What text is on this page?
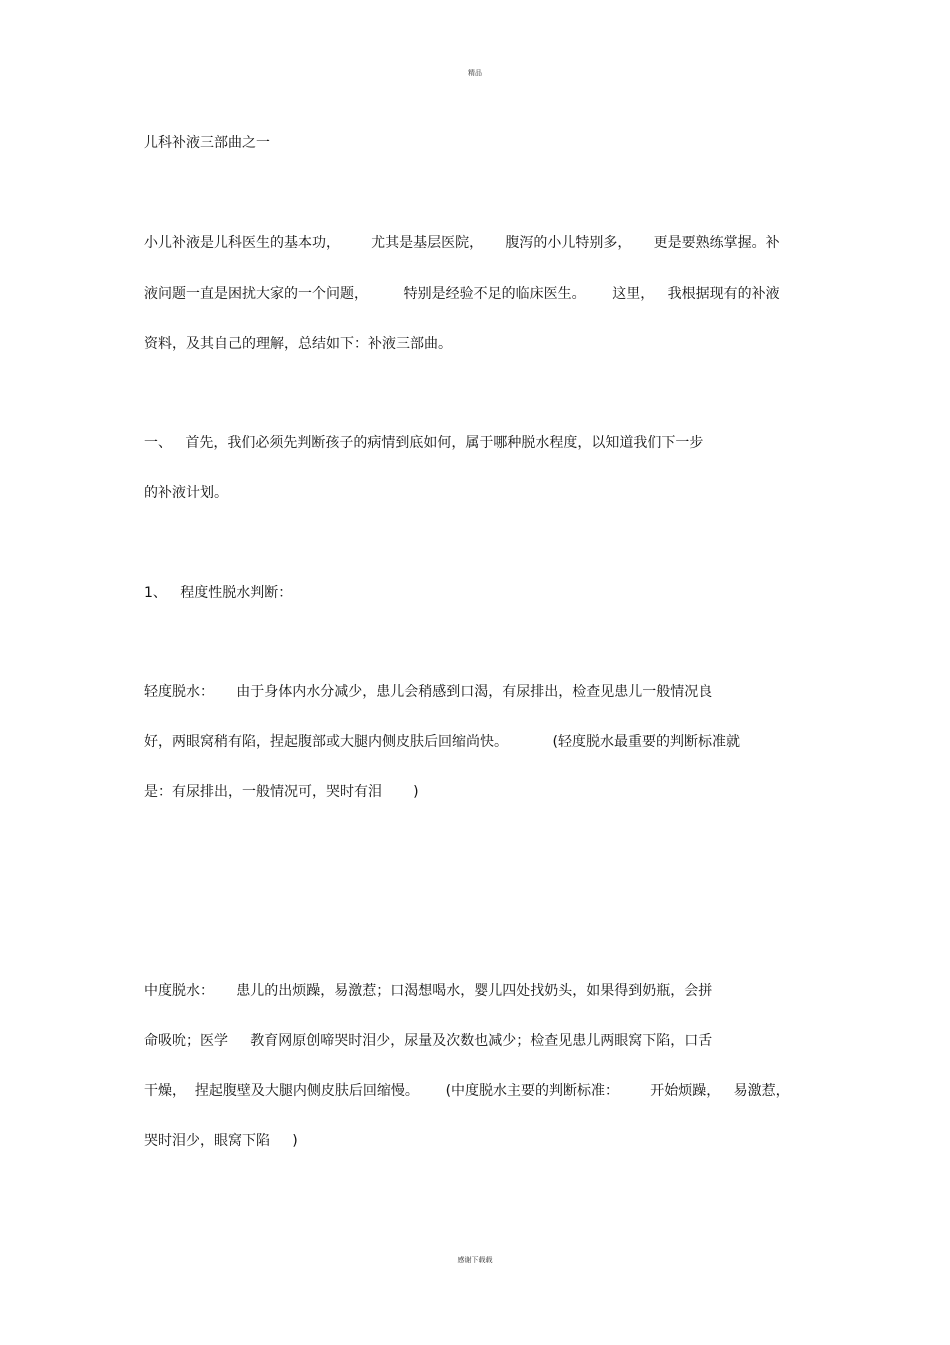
精品
儿科补液三部曲之一
小儿补液是儿科医生的基本功，       尤其是基层医院，     腹泻的小儿特别多，     更是要熟练掌握。补
液问题一直是困扰大家的一个问题，        特别是经验不足的临床医生。      这里，   我根据现有的补液
资料，及其自己的理解，总结如下：补液三部曲。
一、   首先，我们必须先判断孩子的病情到底如何，属于哪种脱水程度，以知道我们下一步
的补液计划。
1、   程度性脱水判断：
轻度脱水：     由于身体内水分减少，患儿会稍感到口渴，有尿排出，检查见患儿一般情况良
好，两眼窝稍有陷，捏起腹部或大腿内侧皮肤后回缩尚快。          (轻度脱水最重要的判断标准就
是：有尿排出，一般情况可，哭时有泪       )
中度脱水：     患儿的出烦躁，易激惹；口渴想喝水，婴儿四处找奶头，如果得到奶瓶，会拼
命吸吮；医学     教育网原创啼哭时泪少，尿量及次数也减少；检查见患儿两眼窝下陷，口舌
干燥，  捏起腹壁及大腿内侧皮肤后回缩慢。      (中度脱水主要的判断标准：       开始烦躁，   易激惹，
哭时泪少，眼窝下陷     )
感谢下载载
